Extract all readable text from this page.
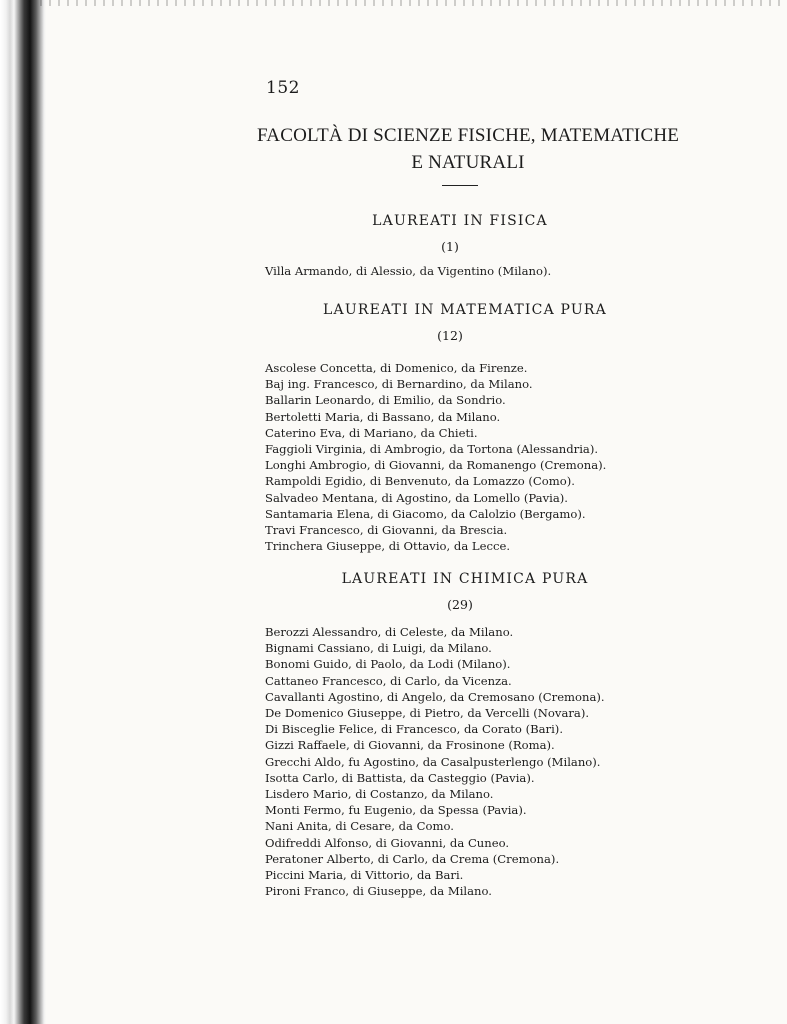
152
FACOLTÀ DI SCIENZE FISICHE, MATEMATICHE
E NATURALI
LAUREATI IN FISICA
(1)
Villa Armando, di Alessio, da Vigentino (Milano).
LAUREATI IN MATEMATICA PURA
(12)
Ascolese Concetta, di Domenico, da Firenze.
Baj ing. Francesco, di Bernardino, da Milano.
Ballarin Leonardo, di Emilio, da Sondrio.
Bertoletti Maria, di Bassano, da Milano.
Caterino Eva, di Mariano, da Chieti.
Faggioli Virginia, di Ambrogio, da Tortona (Alessandria).
Longhi Ambrogio, di Giovanni, da Romanengo (Cremona).
Rampoldi Egidio, di Benvenuto, da Lomazzo (Como).
Salvadeo Mentana, di Agostino, da Lomello (Pavia).
Santamaria Elena, di Giacomo, da Calolzio (Bergamo).
Travi Francesco, di Giovanni, da Brescia.
Trinchera Giuseppe, di Ottavio, da Lecce.
LAUREATI IN CHIMICA PURA
(29)
Berozzi Alessandro, di Celeste, da Milano.
Bignami Cassiano, di Luigi, da Milano.
Bonomi Guido, di Paolo, da Lodi (Milano).
Cattaneo Francesco, di Carlo, da Vicenza.
Cavallanti Agostino, di Angelo, da Cremosano (Cremona).
De Domenico Giuseppe, di Pietro, da Vercelli (Novara).
Di Bisceglie Felice, di Francesco, da Corato (Bari).
Gizzi Raffaele, di Giovanni, da Frosinone (Roma).
Grecchi Aldo, fu Agostino, da Casalpusterlengo (Milano).
Isotta Carlo, di Battista, da Casteggio (Pavia).
Lisdero Mario, di Costanzo, da Milano.
Monti Fermo, fu Eugenio, da Spessa (Pavia).
Nani Anita, di Cesare, da Como.
Odifreddi Alfonso, di Giovanni, da Cuneo.
Peratoner Alberto, di Carlo, da Crema (Cremona).
Piccini Maria, di Vittorio, da Bari.
Pironi Franco, di Giuseppe, da Milano.
